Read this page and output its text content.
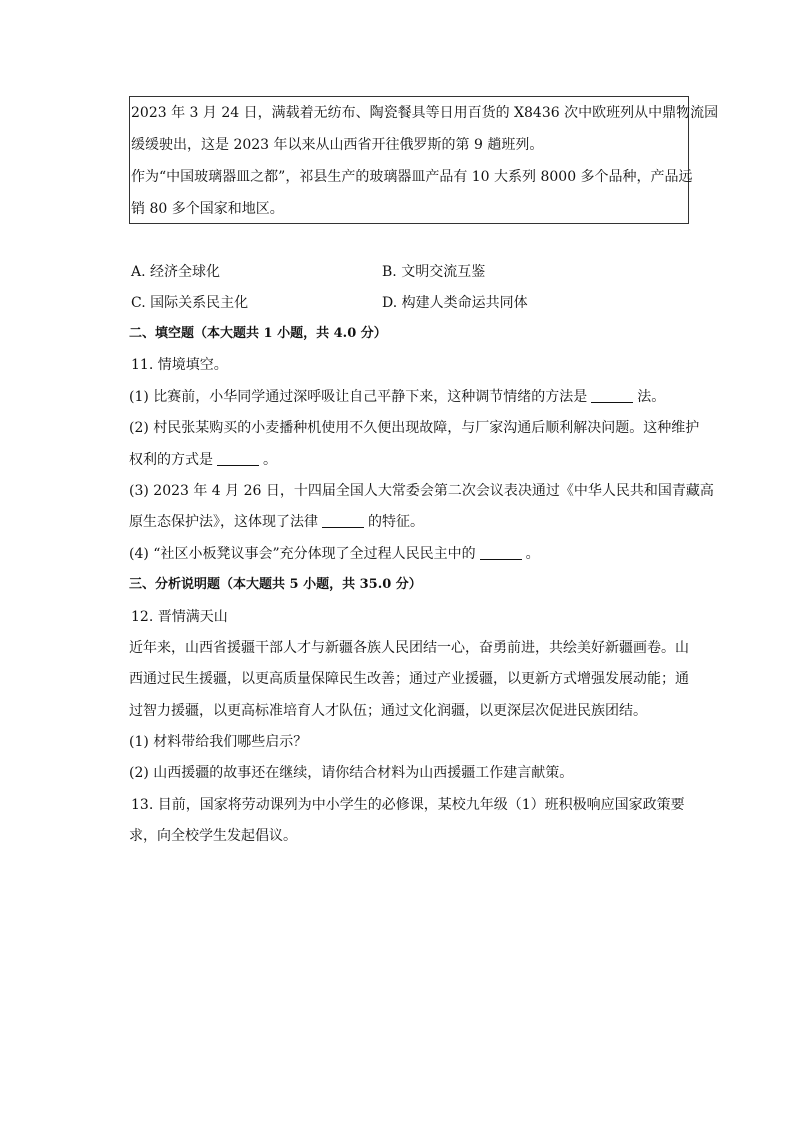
2023 年 3 月 24 日，满载着无纺布、陶瓷餐具等日用百货的 X8436 次中欧班列从中鼎物流园
缓缓驶出，这是 2023 年以来从山西省开往俄罗斯的第 9 趟班列。
作为“中国玻璃器皿之都”，祁县生产的玻璃器皿产品有 10 大系列 8000 多个品种，产品远
销 80 多个国家和地区。
A. 经济全球化	B. 文明交流互鉴
C. 国际关系民主化	D. 构建人类命运共同体
二、填空题（本大题共 1 小题，共 4.0 分）
11. 情境填空。
(1) 比赛前，小华同学通过深呼吸让自己平静下来，这种调节情绪的方法是	法。
(2) 村民张某购买的小麦播种机使用不久便出现故障，与厂家沟通后顺利解决问题。这种维护
权利的方式是	。
(3) 2023 年 4 月 26 日，十四届全国人大常委会第二次会议表决通过《中华人民共和国青藏高
原生态保护法》，这体现了法律	的特征。
(4) “社区小板凳议事会”充分体现了全过程人民民主中的	。
三、分析说明题（本大题共 5 小题，共 35.0 分）
12. 晋情满天山
近年来，山西省援疆干部人才与新疆各族人民团结一心，奋勇前进，共绘美好新疆画卷。山
西通过民生援疆，以更高质量保障民生改善；通过产业援疆，以更新方式增强发展动能；通
过智力援疆，以更高标准培育人才队伍；通过文化润疆，以更深层次促进民族团结。
(1) 材料带给我们哪些启示？
(2) 山西援疆的故事还在继续，请你结合材料为山西援疆工作建言献策。
13. 目前，国家将劳动课列为中小学生的必修课，某校九年级（1）班积极响应国家政策要
求，向全校学生发起倡议。
